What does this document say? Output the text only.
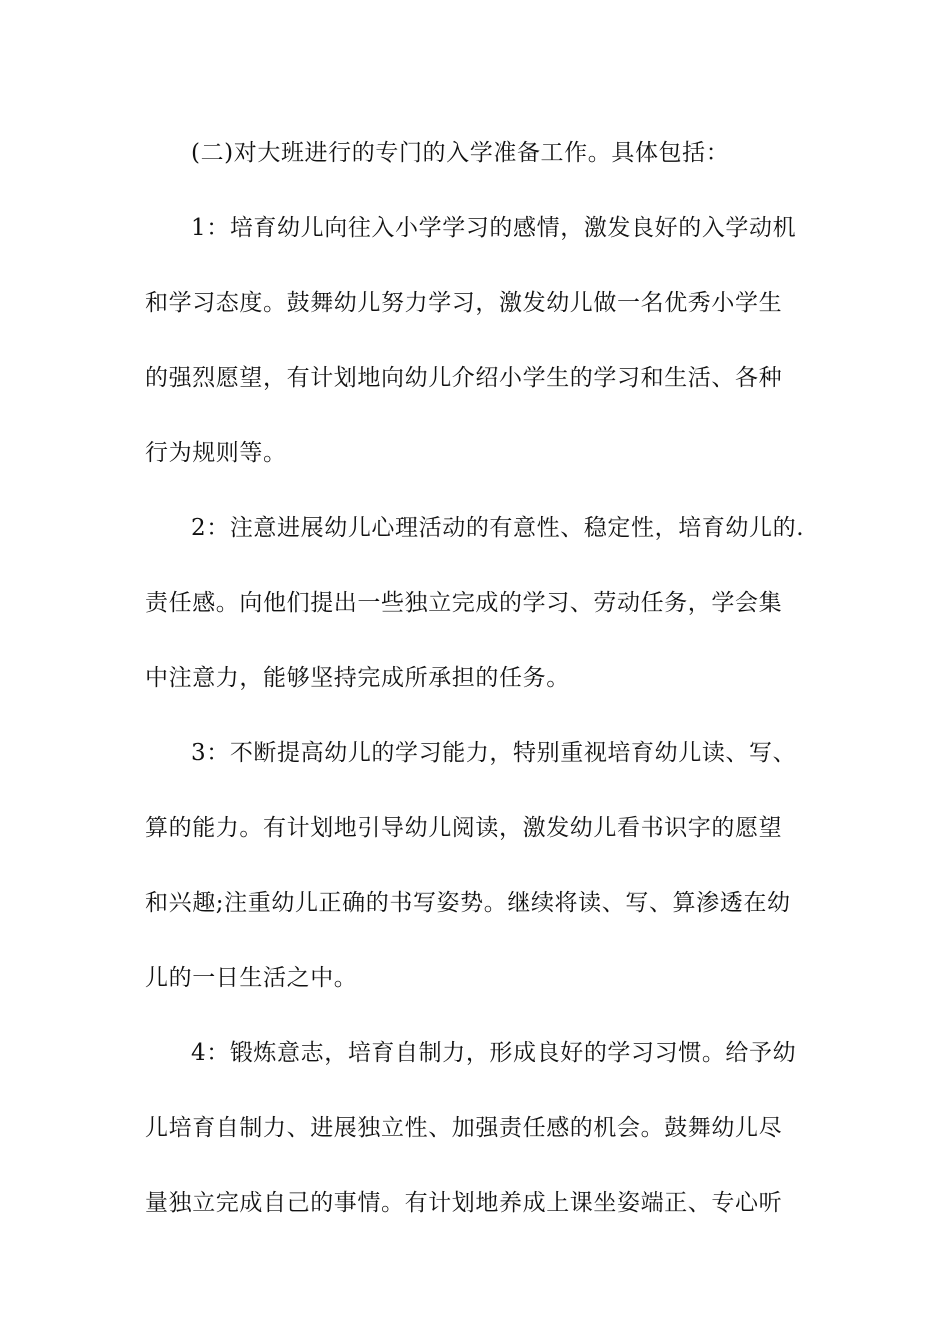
(二)对大班进行的专门的入学准备工作。具体包括：
1：培育幼儿向往入小学学习的感情，激发良好的入学动机
和学习态度。鼓舞幼儿努力学习，激发幼儿做一名优秀小学生
的强烈愿望，有计划地向幼儿介绍小学生的学习和生活、各种
行为规则等。
2：注意进展幼儿心理活动的有意性、稳定性，培育幼儿的.
责任感。向他们提出一些独立完成的学习、劳动任务，学会集
中注意力，能够坚持完成所承担的任务。
3：不断提高幼儿的学习能力，特别重视培育幼儿读、写、
算的能力。有计划地引导幼儿阅读，激发幼儿看书识字的愿望
和兴趣;注重幼儿正确的书写姿势。继续将读、写、算渗透在幼
儿的一日生活之中。
4：锻炼意志，培育自制力，形成良好的学习习惯。给予幼
儿培育自制力、进展独立性、加强责任感的机会。鼓舞幼儿尽
量独立完成自己的事情。有计划地养成上课坐姿端正、专心听
